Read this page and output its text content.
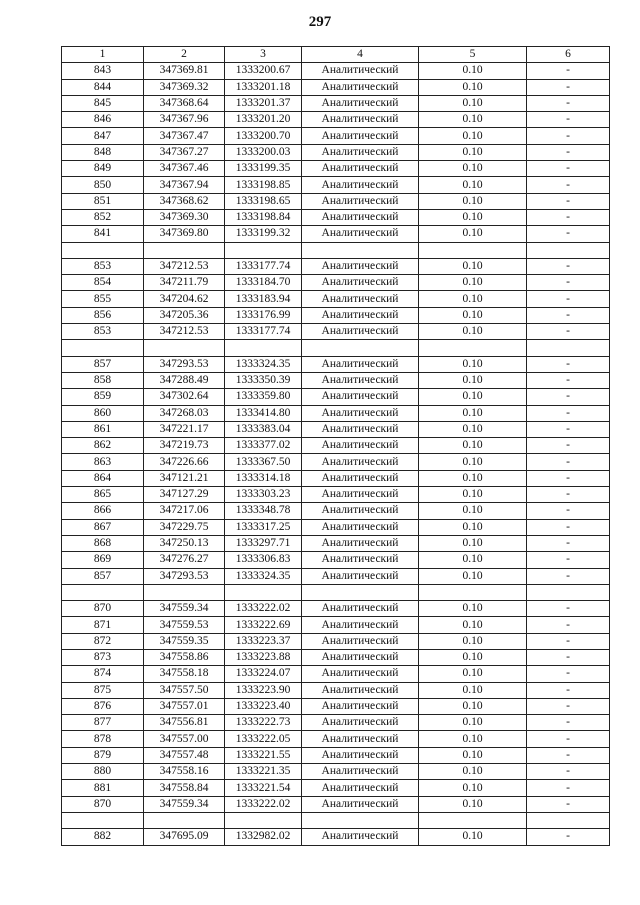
297
1	2	3	4	5	6
843	347369.81	1333200.67	Аналитический	0.10	-
844	347369.32	1333201.18	Аналитический	0.10	-
845	347368.64	1333201.37	Аналитический	0.10	-
846	347367.96	1333201.20	Аналитический	0.10	-
847	347367.47	1333200.70	Аналитический	0.10	-
848	347367.27	1333200.03	Аналитический	0.10	-
849	347367.46	1333199.35	Аналитический	0.10	-
850	347367.94	1333198.85	Аналитический	0.10	-
851	347368.62	1333198.65	Аналитический	0.10	-
852	347369.30	1333198.84	Аналитический	0.10	-
841	347369.80	1333199.32	Аналитический	0.10	-

853	347212.53	1333177.74	Аналитический	0.10	-
854	347211.79	1333184.70	Аналитический	0.10	-
855	347204.62	1333183.94	Аналитический	0.10	-
856	347205.36	1333176.99	Аналитический	0.10	-
853	347212.53	1333177.74	Аналитический	0.10	-

857	347293.53	1333324.35	Аналитический	0.10	-
858	347288.49	1333350.39	Аналитический	0.10	-
859	347302.64	1333359.80	Аналитический	0.10	-
860	347268.03	1333414.80	Аналитический	0.10	-
861	347221.17	1333383.04	Аналитический	0.10	-
862	347219.73	1333377.02	Аналитический	0.10	-
863	347226.66	1333367.50	Аналитический	0.10	-
864	347121.21	1333314.18	Аналитический	0.10	-
865	347127.29	1333303.23	Аналитический	0.10	-
866	347217.06	1333348.78	Аналитический	0.10	-
867	347229.75	1333317.25	Аналитический	0.10	-
868	347250.13	1333297.71	Аналитический	0.10	-
869	347276.27	1333306.83	Аналитический	0.10	-
857	347293.53	1333324.35	Аналитический	0.10	-

870	347559.34	1333222.02	Аналитический	0.10	-
871	347559.53	1333222.69	Аналитический	0.10	-
872	347559.35	1333223.37	Аналитический	0.10	-
873	347558.86	1333223.88	Аналитический	0.10	-
874	347558.18	1333224.07	Аналитический	0.10	-
875	347557.50	1333223.90	Аналитический	0.10	-
876	347557.01	1333223.40	Аналитический	0.10	-
877	347556.81	1333222.73	Аналитический	0.10	-
878	347557.00	1333222.05	Аналитический	0.10	-
879	347557.48	1333221.55	Аналитический	0.10	-
880	347558.16	1333221.35	Аналитический	0.10	-
881	347558.84	1333221.54	Аналитический	0.10	-
870	347559.34	1333222.02	Аналитический	0.10	-

882	347695.09	1332982.02	Аналитический	0.10	-
